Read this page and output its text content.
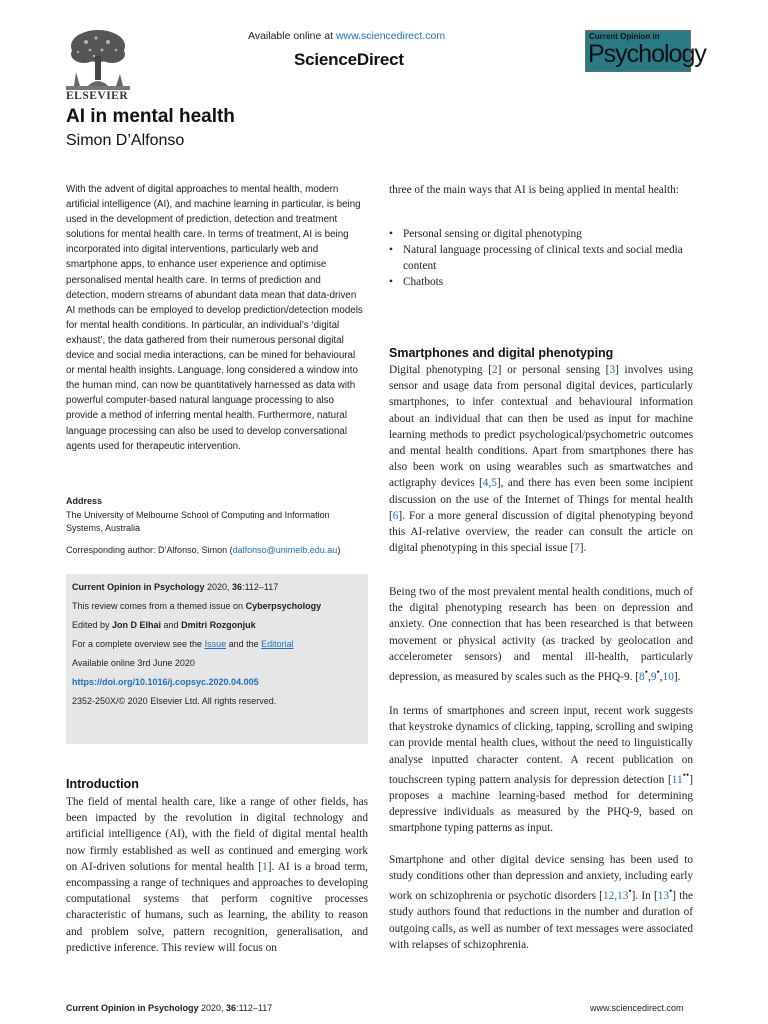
ELSEVIER
Available online at www.sciencedirect.com
ScienceDirect
Current Opinion in
Psychology
AI in mental health
Simon D’Alfonso

With the advent of digital approaches to mental health, modern artificial intelligence (AI), and machine learning in particular, is being used in the development of prediction, detection and treatment solutions for mental health care. In terms of treatment, AI is being incorporated into digital interventions, particularly web and smartphone apps, to enhance user experience and optimise personalised mental health care. In terms of prediction and detection, modern streams of abundant data mean that data-driven AI methods can be employed to develop prediction/detection models for mental health conditions. In particular, an individual’s ‘digital exhaust’, the data gathered from their numerous personal digital device and social media interactions, can be mined for behavioural or mental health insights. Language, long considered a window into the human mind, can now be quantitatively harnessed as data with powerful computer-based natural language processing to also provide a method of inferring mental health. Furthermore, natural language processing can also be used to develop conversational agents used for therapeutic intervention.

Address
The University of Melbourne School of Computing and Information Systems, Australia
Corresponding author: D’Alfonso, Simon (dalfonso@unimelb.edu.au)
Current Opinion in Psychology 2020, 36:112–117
This review comes from a themed issue on Cyberpsychology
Edited by Jon D Elhai and Dmitri Rozgonjuk
For a complete overview see the Issue and the Editorial
Available online 3rd June 2020
https://doi.org/10.1016/j.copsyc.2020.04.005
2352-250X/© 2020 Elsevier Ltd. All rights reserved.
Introduction

The field of mental health care, like a range of other fields, has been impacted by the revolution in digital technology and artificial intelligence (AI), with the field of digital mental health now firmly established as well as continued and emerging work on AI-driven solutions for mental health [1]. AI is a broad term, encompassing a range of techniques and approaches to developing computational systems that perform cognitive processes characteristic of humans, such as learning, the ability to reason and problem solve, pattern recognition, generalisation, and predictive inference. This review will focus on

three of the main ways that AI is being applied in mental health:

• Personal sensing or digital phenotyping
• Natural language processing of clinical texts and social media content
• Chatbots
Smartphones and digital phenotyping

Digital phenotyping [2] or personal sensing [3] involves using sensor and usage data from personal digital devices, particularly smartphones, to infer contextual and behavioural information about an individual that can then be used as input for machine learning methods to predict psychological/psychometric outcomes and mental health conditions. Apart from smartphones there has also been work on using wearables such as smartwatches and actigraphy devices [4,5], and there has even been some incipient discussion on the use of the Internet of Things for mental health [6]. For a more general discussion of digital phenotyping beyond this AI-relative overview, the reader can consult the article on digital phenotyping in this special issue [7].

Being two of the most prevalent mental health conditions, much of the digital phenotyping research has been on depression and anxiety. One connection that has been researched is that between movement or physical activity (as tracked by geolocation and accelerometer sensors) and mental ill-health, particularly depression, as measured by scales such as the PHQ-9. [8•,9•,10].

In terms of smartphones and screen input, recent work suggests that keystroke dynamics of clicking, tapping, scrolling and swiping can provide mental health clues, without the need to linguistically analyse inputted character content. A recent publication on touchscreen typing pattern analysis for depression detection [11••] proposes a machine learning-based method for determining depressive individuals as measured by the PHQ-9, based on smartphone typing patterns as input.

Smartphone and other digital device sensing has been used to study conditions other than depression and anxiety, including early work on schizophrenia or psychotic disorders [12,13•]. In [13•] the study authors found that reductions in the number and duration of outgoing calls, as well as number of text messages were associated with relapses of schizophrenia.

Current Opinion in Psychology 2020, 36:112–117	www.sciencedirect.com
